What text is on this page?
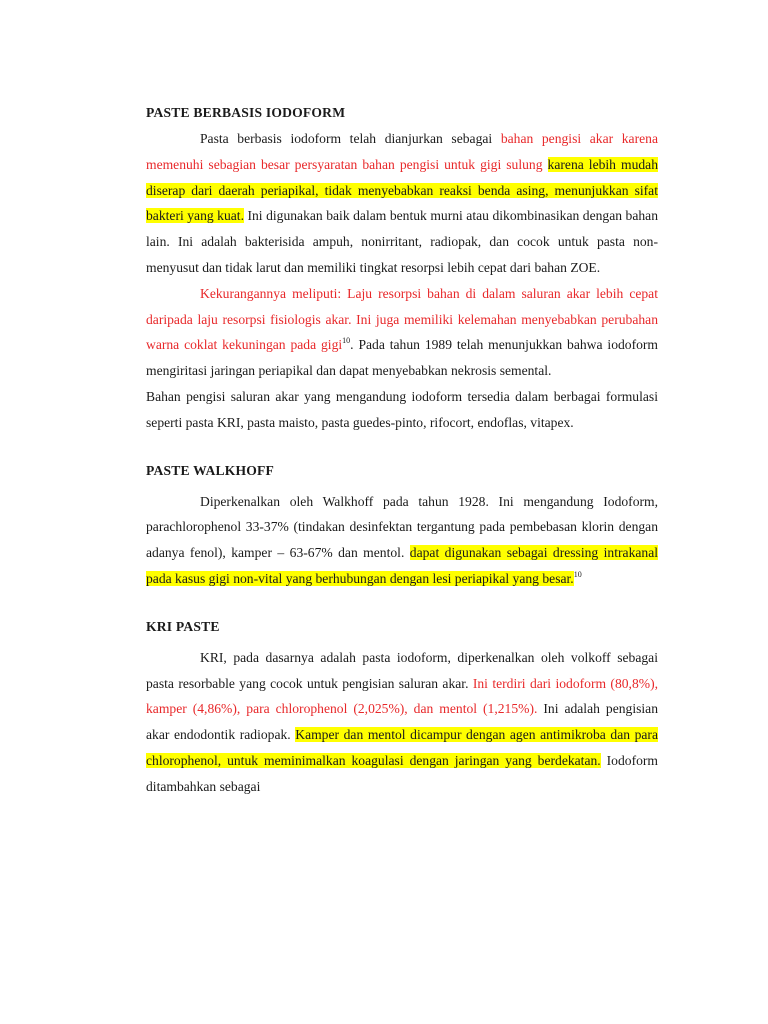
PASTE BERBASIS IODOFORM

Pasta berbasis iodoform telah dianjurkan sebagai bahan pengisi akar karena memenuhi sebagian besar persyaratan bahan pengisi untuk gigi sulung karena lebih mudah diserap dari daerah periapikal, tidak menyebabkan reaksi benda asing, menunjukkan sifat bakteri yang kuat. Ini digunakan baik dalam bentuk murni atau dikombinasikan dengan bahan lain. Ini adalah bakterisida ampuh, nonirritant, radiopak, dan cocok untuk pasta non-menyusut dan tidak larut dan memiliki tingkat resorpsi lebih cepat dari bahan ZOE.

Kekurangannya meliputi: Laju resorpsi bahan di dalam saluran akar lebih cepat daripada laju resorpsi fisiologis akar. Ini juga memiliki kelemahan menyebabkan perubahan warna coklat kekuningan pada gigi$^{10}$. Pada tahun 1989 telah menunjukkan bahwa iodoform mengiritasi jaringan periapikal dan dapat menyebabkan nekrosis semental.

Bahan pengisi saluran akar yang mengandung iodoform tersedia dalam berbagai formulasi seperti pasta KRI, pasta maisto, pasta guedes-pinto, rifocort, endoflas, vitapex.

PASTE WALKHOFF

Diperkenalkan oleh Walkhoff pada tahun 1928. Ini mengandung Iodoform, parachlorophenol 33-37% (tindakan desinfektan tergantung pada pembebasan klorin dengan adanya fenol), kamper – 63-67% dan mentol. dapat digunakan sebagai dressing intrakanal pada kasus gigi non-vital yang berhubungan dengan lesi periapikal yang besar.$^{10}$

KRI PASTE

KRI, pada dasarnya adalah pasta iodoform, diperkenalkan oleh volkoff sebagai pasta resorbable yang cocok untuk pengisian saluran akar. Ini terdiri dari iodoform (80,8%), kamper (4,86%), para chlorophenol (2,025%), dan mentol (1,215%). Ini adalah pengisian akar endodontik radiopak. Kamper dan mentol dicampur dengan agen antimikroba dan para chlorophenol, untuk meminimalkan koagulasi dengan jaringan yang berdekatan. Iodoform ditambahkan sebagai
